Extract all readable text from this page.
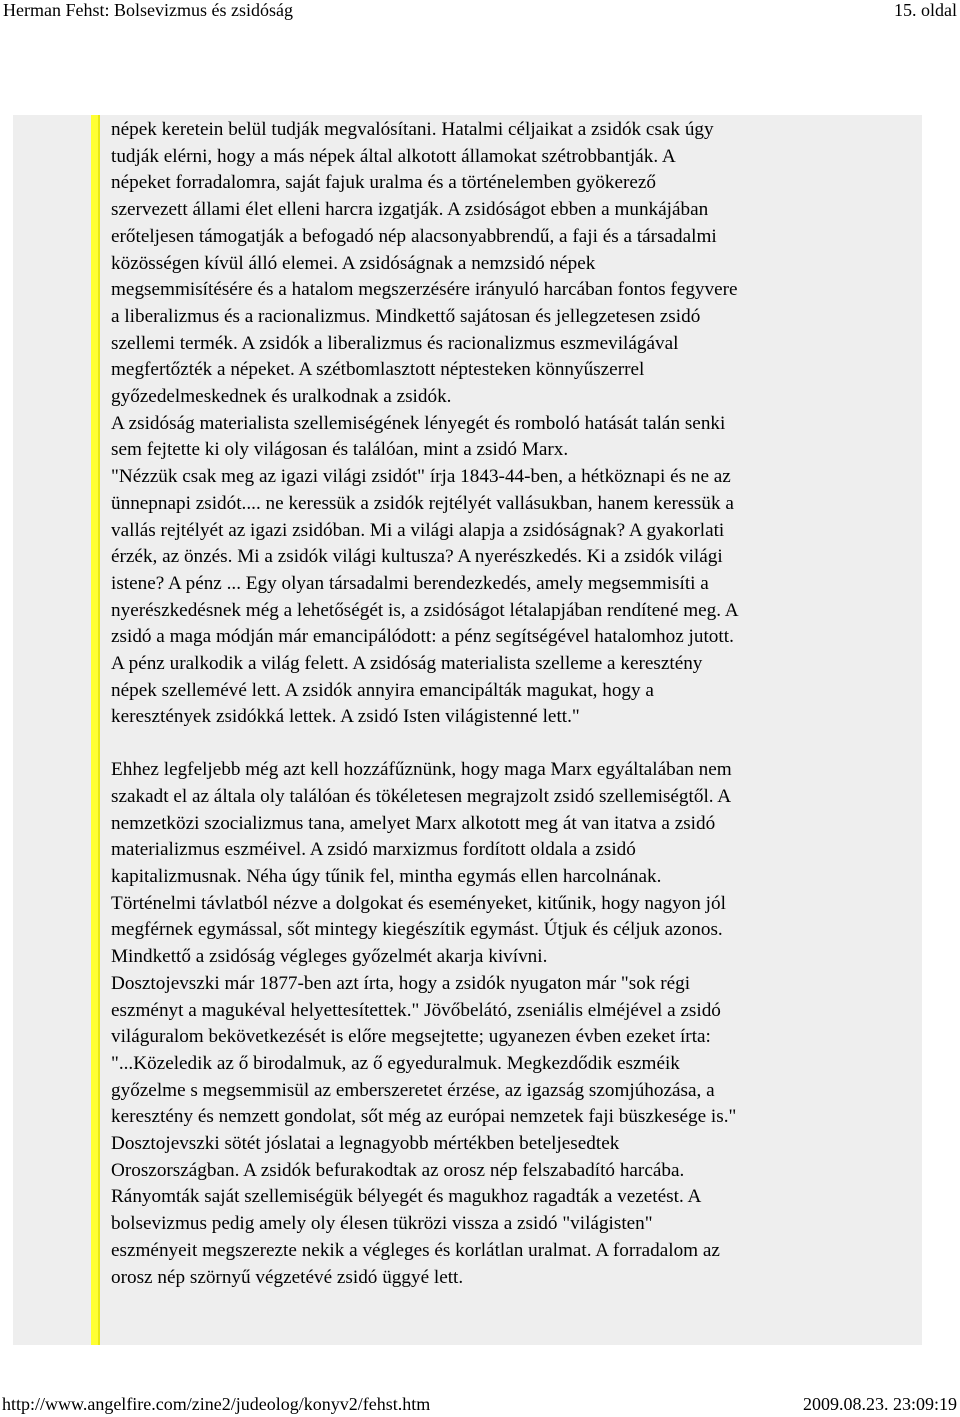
Herman Fehst: Bolsevizmus és zsidóság	15. oldal

népek keretein belül tudják megvalósítani. Hatalmi céljaikat a zsidók csak úgy
tudják elérni, hogy a más népek által alkotott államokat szétrobbantják. A
népeket forradalomra, saját fajuk uralma és a történelemben gyökerező
szervezett állami élet elleni harcra izgatják. A zsidóságot ebben a munkájában
erőteljesen támogatják a befogadó nép alacsonyabbrendű, a faji és a társadalmi
közösségen kívül álló elemei. A zsidóságnak a nemzsidó népek
megsemmisítésére és a hatalom megszerzésére irányuló harcában fontos fegyvere
a liberalizmus és a racionalizmus. Mindkettő sajátosan és jellegzetesen zsidó
szellemi termék. A zsidók a liberalizmus és racionalizmus eszmevilágával
megfertőzték a népeket. A szétbomlasztott néptesteken könnyűszerrel
győzedelmeskednek és uralkodnak a zsidók.

A zsidóság materialista szellemiségének lényegét és romboló hatását talán senki
sem fejtette ki oly világosan és találóan, mint a zsidó Marx.

"Nézzük csak meg az igazi világi zsidót" írja 1843-44-ben, a hétköznapi és ne az
ünnepnapi zsidót.... ne keressük a zsidók rejtélyét vallásukban, hanem keressük a
vallás rejtélyét az igazi zsidóban. Mi a világi alapja a zsidóságnak? A gyakorlati
érzék, az önzés. Mi a zsidók világi kultusza? A nyerészkedés. Ki a zsidók világi
istene? A pénz ... Egy olyan társadalmi berendezkedés, amely megsemmisíti a
nyerészkedésnek még a lehetőségét is, a zsidóságot létalapjában rendítené meg. A
zsidó a maga módján már emancipálódott: a pénz segítségével hatalomhoz jutott.
A pénz uralkodik a világ felett. A zsidóság materialista szelleme a keresztény
népek szellemévé lett. A zsidók annyira emancipálták magukat, hogy a
keresztények zsidókká lettek. A zsidó Isten világistenné lett."

Ehhez legfeljebb még azt kell hozzáfűznünk, hogy maga Marx egyáltalában nem
szakadt el az általa oly találóan és tökéletesen megrajzolt zsidó szellemiségtől. A
nemzetközi szocializmus tana, amelyet Marx alkotott meg át van itatva a zsidó
materializmus eszméivel. A zsidó marxizmus fordított oldala a zsidó
kapitalizmusnak. Néha úgy tűnik fel, mintha egymás ellen harcolnának.
Történelmi távlatból nézve a dolgokat és eseményeket, kitűnik, hogy nagyon jól
megférnek egymással, sőt mintegy kiegészítik egymást. Útjuk és céljuk azonos.
Mindkettő a zsidóság végleges győzelmét akarja kivívni.

Dosztojevszki már 1877-ben azt írta, hogy a zsidók nyugaton már "sok régi
eszményt a magukéval helyettesítettek." Jövőbelátó, zseniális elméjével a zsidó
világuralom bekövetkezését is előre megsejtette; ugyanezen évben ezeket írta:
"...Közeledik az ő birodalmuk, az ő egyeduralmuk. Megkezdődik eszméik
győzelme s megsemmisül az emberszeretet érzése, az igazság szomjúhozása, a
keresztény és nemzett gondolat, sőt még az európai nemzetek faji büszkesége is."

Dosztojevszki sötét jóslatai a legnagyobb mértékben beteljesedtek
Oroszországban. A zsidók befurakodtak az orosz nép felszabadító harcába.
Rányomták saját szellemiségük bélyegét és magukhoz ragadták a vezetést. A
bolsevizmus pedig amely oly élesen tükrözi vissza a zsidó "világisten"
eszményeit megszerezte nekik a végleges és korlátlan uralmat. A forradalom az
orosz nép szörnyű végzetévé zsidó üggyé lett.

http://www.angelfire.com/zine2/judeolog/konyv2/fehst.htm	2009.08.23. 23:09:19
